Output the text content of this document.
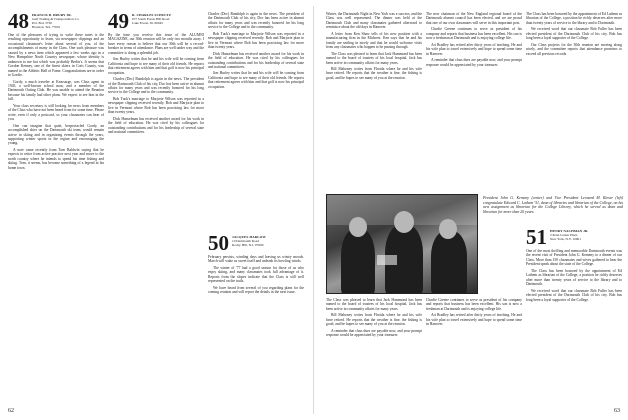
48 FRANCIS B. DRURY JR.
Gulf Trading & Transportation Co.
P.O. Box 3736
Houston, Tex. 77001

One of the pleasures of trying to write these notes is the resulting opportunity to learn, via newspaper clippings and an occasional classmate's letter about several of you, of the accomplishments of many in the Class. One such pleasure was caused by a news item which appeared a few weeks ago in a New Hampshire North Country newspaper, whose identity is unknown to me but which was probably Berlin's. It seems that Gordon Kenney, one of the finest skiers in Coös County, was named to the Athletic Hall of Fame. Congratulations are in order to Gordie.

Gordy, a much traveler at Kearsarge, was Class agent in 1945, a well-known school man, and a member of the Dartmouth Outing Club. He was unable to attend the Reunion because his family had other plans. We expect to see him in the fall.

Your class secretary is still looking for news from members of the Class who have not been heard from for some time. Please write, even if only a postcard, so your classmates can hear of you.

One can imagine that quiet, bespectacled Gordy, an accomplished skier on the Dartmouth ski team, would remain active in skiing and in organizing events through the years, supporting winter sports in the region and encouraging the young.

A note came recently from Tom Baldwin saying that he expects to retire from active practice next year and move to the north country where he intends to spend his time fishing and skiing. Tom, it seems, has become something of a legend in his home town.

49 R. CHARLES SCHULTZ
677 South Forest Hill Road
Lake Forest, Ill. 60045

By the time you receive this issue of the ALUMNI MAGAZINE, our 30th reunion will be only two months away. I have every reason to believe that our 30th will be a record-breaker in terms of attendance. Plans are well under way and the committee is doing a splendid job.

Jim Hurley writes that he and his wife will be coming from California and hope to see many of their old friends. He reports that retirement agrees with him and that golf is now his principal occupation.

Charles (Doc) Randolph is again in the news. The president of the Dartmouth Club of his city, Doc has been active in alumni affairs for many years and was recently honored for his long service to the College and to the community.

Bob Tuck's marriage to Marjorie Wilson was reported in a newspaper clipping received recently. Bob and Marjorie plan to live in Vermont where Bob has been practicing law for more than twenty years.

Dick Hanselman has received another award for his work in the field of education. He was cited by his colleagues for outstanding contributions and for his leadership of several state and national committees.

Charles (Doc) Randolph is again in the news. The president of the Dartmouth Club of his city, Doc has been active in alumni affairs for many years and was recently honored for his long service to the College and to the community.

Bob Tuck's marriage to Marjorie Wilson was reported in a newspaper clipping received recently. Bob and Marjorie plan to live in Vermont where Bob has been practicing law for more than twenty years.

Dick Hanselman has received another award for his work in the field of education. He was cited by his colleagues for outstanding contributions and for his leadership of several state and national committees.

Jim Hurley writes that he and his wife will be coming from California and hope to see many of their old friends. He reports that retirement agrees with him and that golf is now his principal occupation.

50 JACQUES HARLOW
10 Dartmouth Road
Rocky Hill, N.J. 07600

February persists, winding days and leaving us wintry moods. March will wake us sweet itself and unleash its howling winds.

The winter of '77 had a good season for those of us who enjoy skiing, and many classmates took full advantage of it. Reports from the slopes indicate that the Class is still well represented on the trails.

We have heard from several of you regarding plans for the coming reunion and will report the details in the next issue.

62

Winter, the Dartmouth Night in New York was a success, and the Class was well represented. The dinner was held at the Dartmouth Club and many classmates gathered afterward to reminisce about the old days in Hanover.

A letter from Ken Shaw tells of his new position with a manufacturing firm in the Midwest. Ken says that he and his family are settling in nicely and that he would welcome visits from any classmates who happen to be passing through.

The Class was pleased to learn that Jack Hammond has been named to the board of trustees of his local hospital. Jack has been active in community affairs for many years.

Bill Mahoney writes from Florida where he and his wife have retired. He reports that the weather is fine, the fishing is good, and he hopes to see many of you at the reunion.

The new chairman of the New England regional board of the Dartmouth alumni council has been elected, and we are proud that one of our own classmates will serve in this important post.

Charlie Greene continues to serve as president of his company and reports that business has been excellent. His son is now a freshman at Dartmouth and is enjoying college life.

Art Bradley has retired after thirty years of teaching. He and his wife plan to travel extensively and hope to spend some time in Hanover.

A reminder that class dues are payable now, and your prompt response would be appreciated by your treasurer.

The Class has been honored by the appointment of Ed Lathem as librarian of the College, a position he richly deserves after more than twenty years of service to the library and to Dartmouth.

We received word that our classmate Bob Fuller has been elected president of the Dartmouth Club of his city. Bob has long been a loyal supporter of the College.

Our Class projects for the 30th reunion are moving along nicely, and the committee reports that attendance promises to exceed all previous records.

President John G. Kemeny (center) and Vice President Leonard M. Rieser (left) congratulate Edward C. Lathem '51, dean of libraries and librarian of the College, on his new assignment as librarian for the College Library, which he served as dean and librarian for more than 20 years.

The Class was pleased to learn that Jack Hammond has been named to the board of trustees of his local hospital. Jack has been active in community affairs for many years.

Bill Mahoney writes from Florida where he and his wife have retired. He reports that the weather is fine, the fishing is good, and he hopes to see many of you at the reunion.

A reminder that class dues are payable now, and your prompt response would be appreciated by your treasurer.

Charlie Greene continues to serve as president of his company and reports that business has been excellent. His son is now a freshman at Dartmouth and is enjoying college life.

Art Bradley has retired after thirty years of teaching. He and his wife plan to travel extensively and hope to spend some time in Hanover.

51 HENRY NACHMAN JR.
2 Penn Center Plaza
New York, N.Y. 10001

One of the most thrilling and memorable Dartmouth events was the recent visit of President John G. Kemeny to a dinner of our Class. More than 150 classmates and wives gathered to hear the President speak about the state of the College.

The Class has been honored by the appointment of Ed Lathem as librarian of the College, a position he richly deserves after more than twenty years of service to the library and to Dartmouth.

We received word that our classmate Bob Fuller has been elected president of the Dartmouth Club of his city. Bob has long been a loyal supporter of the College.

63
